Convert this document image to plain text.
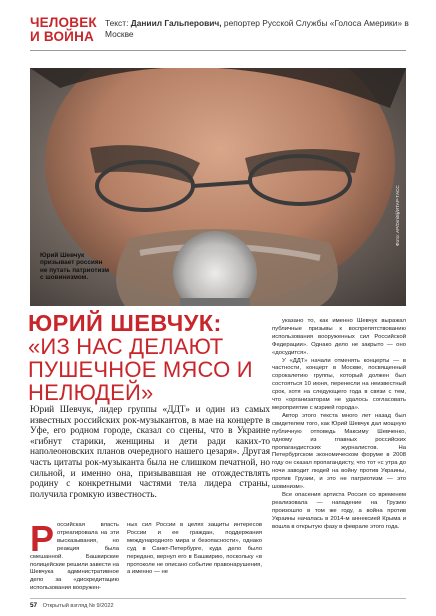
ЧЕЛОВЕК
И ВОЙНА
Текст: Даниил Гальперович, репортер Русской Службы «Голоса Америки» в Москве
Юрий Шевчук призывает россиян не путать патриотизм с шовинизмом.
Фото: АР/Dmitrij/ИТАР-ТАСС
ЮРИЙ ШЕВЧУК:
«ИЗ НАС ДЕЛАЮТ ПУШЕЧНОЕ МЯСО И НЕЛЮДЕЙ»
Юрий Шевчук, лидер группы «ДДТ» и один из самых известных российских рок-музыкантов, в мае на концерте в Уфе, его родном городе, сказал со сцены, что в Украине «гибнут старики, женщины и дети ради каких-то наполеоновских планов очередного нашего цезаря». Другая часть цитаты рок-музыканта была не слишком печатной, но сильной, и именно она, призывавшая не отождествлять родину с конкретными частями тела лидера страны, получила громкую известность.
Р оссийская власть отреагировала на эти высказывания, но реакция была смешанной. Башкирские полицейские решили завести на Шевчука административное дело за «дискредитацию использования вооружен-
ных сил России в целях защиты интересов России и ее граждан, поддержания международного мира и безопасности», однако суд в Санкт-Петербурге, куда дело было передано, вернул его в Башкирию, поскольку «в протоколе не описано событие правонарушения, а именно — не

указано то, как именно Шевчук выражал публичные призывы к воспрепятствованию использования вооруженных сил Российской Федерации». Однако дело не закрыто — оно «досудится».

У «ДДТ» начали отменять концерты — в частности, концерт в Москве, посвященный сорокалетию группы, который должен был состояться 10 июня, перенесли на неизвестный срок, хотя на следующего года в связи с тем, что «организаторам не удалось согласовать мероприятие с мэрией города».

Автор этого текста много лет назад был свидетелем того, как Юрий Шевчук дал мощную публичную отповедь Максиму Шевченко, одному из главных российских пропагандистских журналистов. На Петербургском экономическом форуме в 2008 году он сказал пропагандисту, что тот «с утра до ночи заводит людей на войну против Украины, против Грузии, и это не патриотизм — это шовинизм».

Все опасения артиста Россия со временем реализовала — нападение на Грузию произошло в том же году, а война против Украины началась в 2014-м аннексией Крыма и вошла в открытую фазу в феврале этого года.

57 Открытый взгляд № 9/2022
